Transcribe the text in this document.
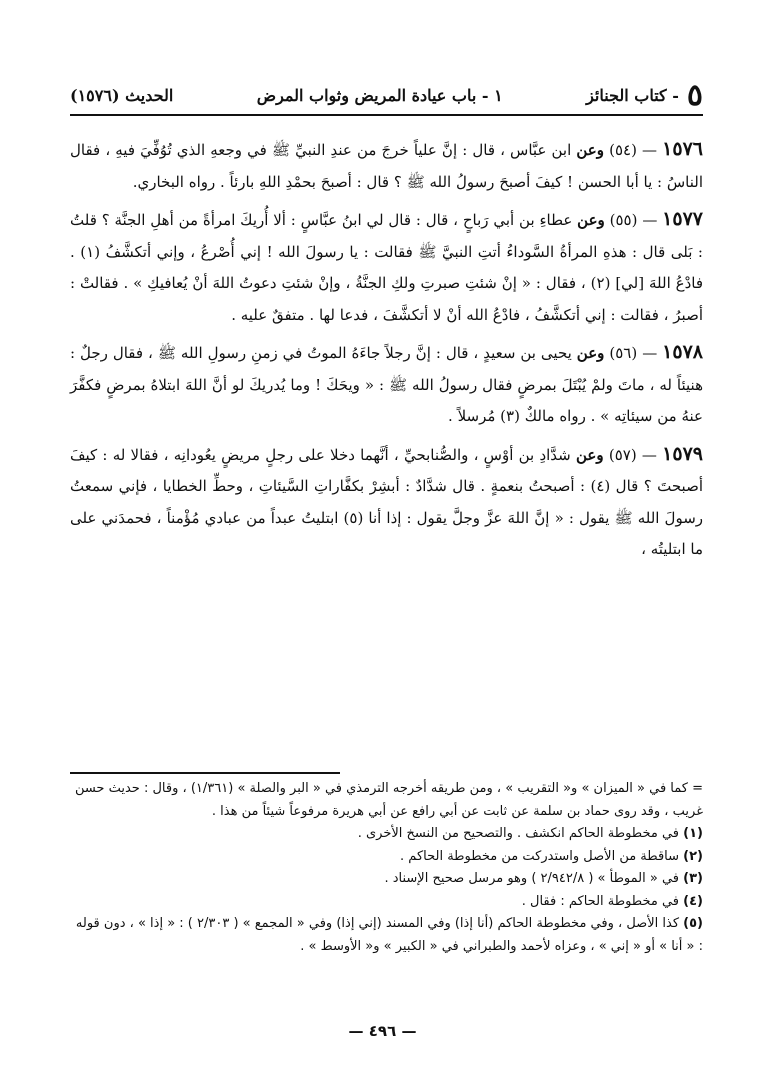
٥
- كتاب الجنائز
١ - باب عيادة المريض وثواب المرض
الحديث (١٥٧٦)

١٥٧٦ — (٥٤) وعن ابن عبَّاس ، قال : إنَّ علياً خرجَ من عندِ النبيِّ ﷺ في وجعهِ الذي تُوُفِّيَ فيهِ ، فقال الناسُ : يا أبا الحسن ! كيفَ أصبحَ رسولُ الله ﷺ ؟ قال : أصبحَ بحمْدِ اللهِ بارئاً . رواه البخاري.

١٥٧٧ — (٥٥) وعن عطاءِ بن أبي رَباحٍ ، قال : قال لي ابنُ عبَّاسٍ : ألا أُريكَ امرأةً من أهلِ الجنَّة ؟ قلتُ : بَلى قال : هذهِ المرأةُ السَّوداءُ أتتِ النبيَّ ﷺ فقالت : يا رسولَ الله ! إني أُصْرعُ ، وإني أتكشَّفُ (١) . فادْعُ اللهَ [لي] (٢) ، فقال : « إنْ شئتِ صبرتِ ولكِ الجنَّةُ ، وإنْ شئتِ دعوتُ اللهَ أنْ يُعافيكِ » . فقالتْ : أصبرُ ، فقالت : إني أتكشَّفُ ، فادْعُ الله أنْ لا أتكشَّفَ ، فدعا لها . متفقٌ عليه .

١٥٧٨ — (٥٦) وعن يحيى بن سعيدٍ ، قال : إنَّ رجلاً جاءَهُ الموتُ في زمنِ رسولِ الله ﷺ ، فقال رجلٌ : هنيئاً له ، ماتَ ولمْ يُبْتَلَ بمرضٍ فقال رسولُ الله ﷺ : « ويحَكَ ! وما يُدريكَ لو أنَّ اللهَ ابتلاهُ بمرضٍ فكفَّرَ عنهُ من سيئاتِه » . رواه مالكٌ (٣) مُرسلاً .

١٥٧٩ — (٥٧) وعن شدَّادِ بن أوْسٍ ، والصُّنابحيِّ ، أنَّهما دخلا على رجلٍ مريضٍ يعُودانِه ، فقالا له : كيفَ أصبحتَ ؟ قال (٤) : أصبحتُ بنعمةٍ . قال شدَّادٌ : أبشِرْ بكفَّاراتِ السَّيئاتِ ، وحطِّ الخطايا ، فإني سمعتُ رسولَ الله ﷺ يقول : « إنَّ اللهَ عزَّ وجلَّ يقول : إذا أنا (٥) ابتليتُ عبداً من عبادي مُؤْمناً ، فحمدَني على ما ابتليتُه ،

= كما في « الميزان » و« التقريب » ، ومن طريقه أخرجه الترمذي في « البر والصلة » (١/٣٦١) ، وقال : حديث حسن غريب ، وقد روى حماد بن سلمة عن ثابت عن أبي رافع عن أبي هريرة مرفوعاً شيئاً من هذا .

(١) في مخطوطة الحاكم انكشف . والتصحيح من النسخ الأخرى .

(٢) ساقطة من الأصل واستدركت من مخطوطة الحاكم .

(٣) في « الموطأ » ( ٢/٩٤٢/٨ ) وهو مرسل صحيح الإسناد .

(٤) في مخطوطة الحاكم : فقال .

(٥) كذا الأصل ، وفي مخطوطة الحاكم (أنا إذا) وفي المسند (إني إذا) وفي « المجمع » ( ٢/٣٠٣ ) : « إذا » ، دون قوله : « أنا » أو « إني » ، وعزاه لأحمد والطبراني في « الكبير » و« الأوسط » .

— ٤٩٦ —
